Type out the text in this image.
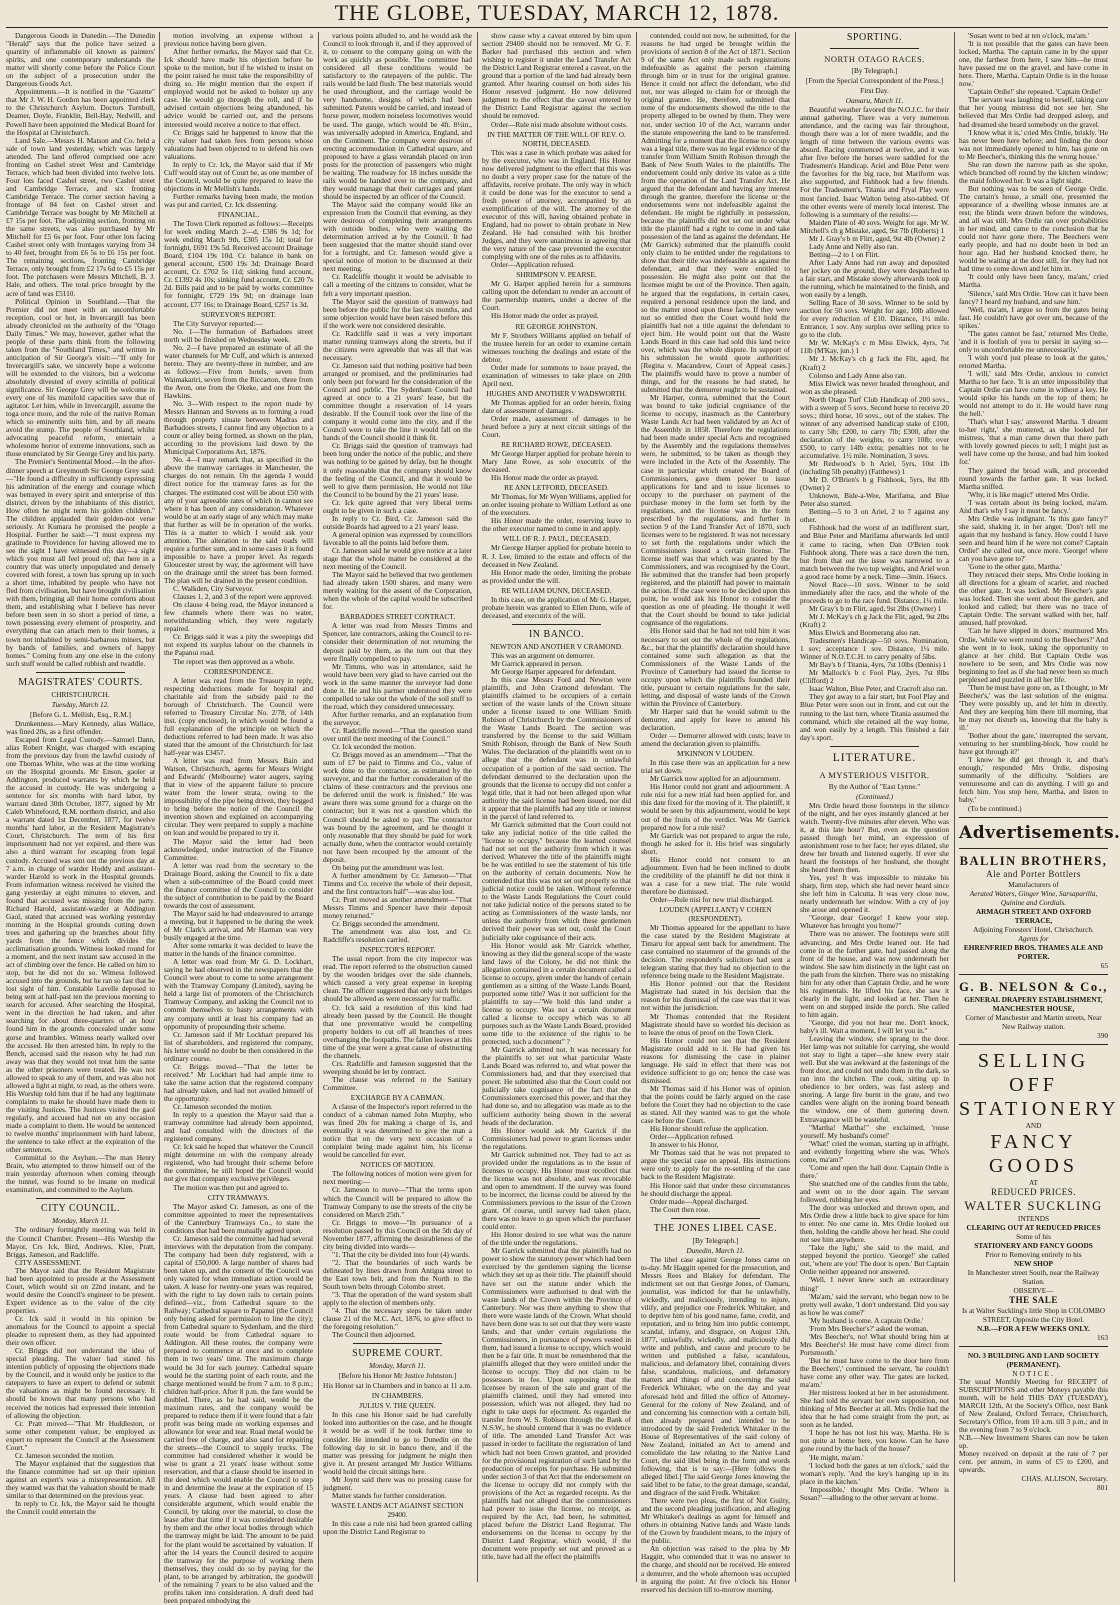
THE GLOBE, TUESDAY, MARCH 12, 1878.

Dangerous Goods in Dunedin.—The Dunedin "Herald" says that the police have seized a quantity of inflammable oil known as painters' spirits, and one contemporary understands the matter will shortly come before the Police Court on the subject of a prosecution under the Dangerous Goods Act.

Appointments.—It is notified in the "Gazette" that Mr J. W. H. Gordon has been appointed clerk to the Christchurch Asylum. Doctors Turnbull, Deamer, Doyle, Franklin, Bell-Hay, Nedwill, and Powell have been appointed the Medical Board for the Hospital at Christchurch.

Land Sale.—Messrs H. Matson and Co. held a sale of town land yesterday, which was largely attended. The land offered comprised one acre fronting on Cashel street West and Cambridge Terrace, which had been divided into twelve lots. Four lots faced Cashel street, two Cashel street and Cambridge Terrace, and six fronting Cambridge Terrace. The corner section having a frontage of 84 feet on Cashel street and Cambridge Terrace was bought by Mr Mitchell at £7 15s per foot. The adjoining section, fronting on the same streets, was also purchased by Mr Mitchell for £5 6s per foot. Four other lots facing Cashel street only with frontages varying from 34 to 40 feet, brought from £6 5s to £6 15s per foot. The remaining sections, fronting Cambridge Terrace, only brought from £2 17s 6d to £5 15s per foot. The purchasers were Messrs Mitchell, B. J. Hale, and others. The total price brought by the acre of land was £5110.

Political Opinion in Southland.—That the Premier did not meet with an uncomfortable reception, cool or hot, in Invercargill has been already chronicled on the authority of the "Otago Daily Times." We may, however, gather what the people of these parts think from the following taken from the "Southland Times," and written in anticipation of Sir George's visit:—"If only for Invercargill's sake, we sincerely hope a welcome will be extended to the visitors, but a welcome absolutely divested of every scintilla of political significance. Sir George Grey will be welcome in every one of his manifold capacities save that of agitator. Let him, while in Invercargill, assume the toga once more, and the role of the native Roman which so eminently suits him, and by all means avoid the stump. The people of Southland, whilst advocating peaceful reform, entertain a wholesome horror of extreme innovations, such as those enunciated by Sir George Grey and his party.

The Premier's Sentimental Mood.—In the after-dinner speech at Greymouth Sir George Grey said:—"He found a difficulty in sufficiently expressing his admiration of the energy and courage which was betrayed in every spirit and enterprise of this district, driven by the inhabitants of this district. How often he might term his golden children." The children applauded their golden-not verse seriously. At Kumara he promised the people a Hospital. Further he said:—"I must express my gratitude to Providence for having allowed me to see the sight I have witnessed this day—a sight which you must all feel proud of; that here in a country that was utterly unpopulated and densely covered with forest, a town has sprung up in such a short time, inhabited by people who have not fled from civilisation, but have brought civilisation with them, bringing all their home comforts about them, and establishing what I believe has never before been seen in so short a period of time, a town possessing every element of prosperity, and everything that can attach men to their homes, a town not inhabited by semi-barbarous miners, but by bands of families, and owners of happy homes." Coming from any one else in the colony such stuff would be called rubbish and twaddle.

MAGISTRATES' COURTS.
CHRISTCHURCH.
Tuesday, March 12.
[Before G. L. Mellish, Esq., R.M.]

Drunkenness.—Mary Kennedy, alias Wallace, was fined 20s, as a first offender.

Escaped from Legal Custody.—Samuel Dann, alias Robert Knight, was charged with escaping from the previous day from the lawful custody of one Thomas White, who was at the time working on the Hospital grounds. Mr Enson, gaoler at Addington, produced warrants by which he held the accused in custody. He was undergoing a sentence for six months with hard labor, by warrant dated 30th October, 1877, signed by Mr Caleb Whitefoord, R.M. northern district, and also a warrant dated 1st December, 1877, for twelve months' hard labor, at the Resident Magistrate's Court, Christchurch. The term of his first imprisonment had not yet expired, and there was also a third warrant for escaping from legal custody. Accused was sent out the previous day at 7 a.m. in charge of warder Hoddy and assistant-warder Harold to work in the Hospital grounds. From information witness received he visited the gang yesterday at eight minutes to eleven, and found that accused was missing from the party. Richard Harold, assistant-warder at Addington Gaol, stated that accused was working yesterday morning in the Hospital grounds cutting down trees and gathering up the branches about fifty yards from the fence which divides the acclimatisation grounds. Witness looked round for a moment, and the next instant saw accused in the act of climbing over the fence. He called on him to stop, but he did not do so. Witness followed accused into the grounds, but he ran so fast that he lost sight of him. Constable Lavelle deposed to being sent at half-past ten the previous morning to search for accused. After searching the Hospital, went in the direction he had taken, and after searching for about three-quarters of an hour found him in the grounds concealed under some gorse and brambles. Witness nearly walked over the accused. He then arrested him. In reply to the Bench, accused said the reason why he had run away was that they would not treat him the same as the other prisoners were treated. He was not allowed to speak to any of them, and was also not allowed a light at night, to read, as the others were. His Worship told him that if he had any legitimate complaints to make he should have made them to the visiting Justices. The Justices visited the gaol regularly, and accused had not on any occasion made a complaint to them. He would be sentenced to twelve months' imprisonment with hard labour, the sentence to take effect at the expiration of the other sentences.

Committal to the Asylum.—The man Henry Brain, who attempted to throw himself out of the train yesterday afternoon when coming through the tunnel, was found to be insane on medical examination, and committed to the Asylum.

CITY COUNCIL.
Monday, March 11.

The ordinary fortnightly meeting was held in the Council Chamber. Present—His Worship the Mayor, Crs Ick, Bird, Andrews, Klee, Pratt, Briggs, Jameson, and Radcliffe.

CITY ASSESSMENT.

The Mayor said that the Resident Magistrate had been appointed to preside at the Assessment Court, which would sit on 22nd instant, and he would desire the Council's engineer to be present. Expert evidence as to the value of the city properties.

Cr. Ick said it would in his opinion be anomalous for the Council to appoint a special pleader to represent them, as they had appointed their own officer.

Cr. Briggs did not understand the idea of special pleading. The valuer had stated his intention publicly of opposing the objections made by the Council, and it would only be justice to the ratepayers to have an expert to defend or submit the valuations as might be found necessary. It should be known that many persons who had received the notices had expressed their intention of allowing the objection.

Cr. Pratt moved—"That Mr Huddleston, or some other competent valuer, be employed as expert to represent the Council at the Assessment Court."

Cr. Jameson seconded the motion.

The Mayor explained that the suggestion that the finance committee had set up their opinion against an expert's was a misrepresentation. All they wanted was that the valuation should be made similar to that determined on the previous year.

In reply to Cr. Ick, the Mayor said he thought the Council could entertain the

motion involving an expense without a previous notice having been given.

After further remarks, the Mayor said that Cr. Ick should have made his objection before he spoke to the motion, but if he wished to insist on the point raised he must take the responsibility of doing so. He might mention that the expert if employed would not be asked to bolster up any case. He would go through the roll, and if he advised certain objections being abandoned, his advice would be carried out, and the persons interested would receive a notice to that effect.

Cr. Briggs said he happened to know that the city valuer had taken fees from persons whose valuations had been objected to to defend his own valuations.

In reply to Cr. Ick, the Mayor said that if Mr Cuff would stay out of Court he, as one member of the Council, would be quite prepared to leave the objections in Mr Mellish's hands.

Further remarks having been made, the motion was put and carried, Cr. Ick dissenting.

FINANCIAL.

The Town Clerk reported as follows:—Receipts for week ending March 2—d, £386 9s 1d; for week ending March 9th, £305 15s 1d; total for fortnight, £691 19s 5d. Received account Drainage Board, £104 19s 10d. Cr. balance in bank on general account, £500 19s 3d; Drainage Board account, Cr. £702 5s 11d; sinking fund account, Cr. £1392 4s 10s; sinking fund account, Cr. £20 7s 2d. Bills paid and to be paid by works committee for fortnight, £729 19s 9d; on drainage loan account, £77 16s; to Drainage Board, £257 1s 3d.

SURVEYOR'S REPORT.

The City Surveyor reported:—

No. 1—The formation of Barbadoes street north will be finished on Wednesday week.

No. 2—I have prepared an estimate of all the water channels for Mr Cuff, and which is annexed hereto. They are twenty-three in number, and are as follows:—Five from hotels, seven from Waimakariri, seven from the Riccarton, three from the Avon, one from the Okeke, and one from the Hawkins.

No. 3—With respect to the report made by Messrs Hannan and Stevens as to forming a road through property situate between Madras and Barbadoes streets, I cannot find any objection to a count or alley being formed, as shown on the plan, according to the provisions laid down by the Municipal Corporations Act, 1876.

No. 4—I may remark that, as specified in the above the tramway carriages in Manchester, the charges do not remain. On the agenda I would direct notice for the tramway fares as for the charges. The estimated cost will be about £50 with any of your agreeable rates of which in cannot see where it has been of any consideration. Whatever would be at an early stage of any which may make that further as will be in operation of the works. This is a matter to which I would ask your attention. The alteration to the said roads will require a further sum, and in some cases it is found impossible to have a proper level. As regards Gloucester street by way, the agreement will have on the drainage until the street has been formed. The plan will be drained in the present condition.

C. Walkden, City Surveyor.

Clauses 1, 2, and 3 of the report were approved.

On clause 4 being read, the Mayor instanced a few channels where there was no water, notwithstanding which, they were regularly repaired.

Cr. Briggs said it was a pity the sweepings did not expend its surplus labour on the channels in the Papanui road.

The report was then approved as a whole.

CORRESPONDENCE.

A letter was read from the Treasury in reply, respecting deductions made for hospital and charitable aid from the subsidy paid to the borough of Christchurch. The Council were referred to Treasury Circular No. 2/78, of 14th inst. (copy enclosed), in which would be found a full explanation of the principle on which the deductions referred to had been made. It was also stated that the amount of the Christchurch for last half-year was £3457.

A letter was read from Messrs Bain and Watson, Christchurch, agents for Messrs Wright and Edwards' (Melbourne) water augers, saying that in view of the apparent failure to procure water from the lower strata, owing to the impossibility of the pipe being driven, they begged to bring before the notice of the Council the invention shown and explained on accompanying circular. They were prepared to supply a machine on loan and would be prepared to try it.

The Mayor said the letter had been acknowledged, under instruction of the Finance Committee.

A letter was read from the secretary to the Drainage Board, asking the Council to fix a date when a sub-committee of the Board could meet the finance committee of the Council to consider the subject of contribution to be paid by the Board towards the cost of assessment.

The Mayor said he had endeavoured to arrange a meeting, but it happened to be during the week of Mr Clark's arrival, and Mr Harman was very busily engaged at the time.

After some remarks it was decided to leave the matter in the hands of the finance committee.

A letter was read from Mr G. D. Lockhart, saying he had observed in the newspapers that the Council were about to come to some arrangement with the Tramway Company (Limited), saying he held a large list of promoters of the Christchurch Tramway Company, and asking the Council not to commit themselves to hasty arrangements with any company until at least his company had an opportunity of propounding their scheme.

Cr. Jameson said if Mr Lockhart prepared his list of shareholders, and registered the company, his letter would no doubt be then considered in the ordinary course.

Cr. Briggs moved—"That the letter be received." Mr Lockhart had had ample time to take the same action that the registered company had already taken, and had not availed himself of the opportunity.

Cr. Jameson seconded the motion.

In reply to a question the Mayor said that a tramway committee had already been appointed, and had consulted with the directors of the registered company.

Cr. Ick said he hoped that whatever the Council might determine on with the company already registered, who had brought their scheme before the committee, he still hoped the Council would not give that company exclusive privileges.

The motion was then put and agreed to.

CITY TRAMWAYS.

The Mayor asked Cr. Jameson, as one of the committee appointed to meet the representatives of the Canterbury Tramways Co., to state the conditions that had been mutually agreed upon.

Cr. Jameson said the committee had had several interviews with the deputation from the company. The company had been duly registered, with a capital of £50,000. A large number of shares had been taken up, and the consent of the Council was only waited for when immediate action would be taken. A lease for twenty-one years was required, with the right to lay down rails to certain points defined—viz., from Cathedral square to the Railway; Cathedral square to Papanui (the Council only being asked for permission to line the city); from Cathedral square to Sydenham, and the third route would be from Cathedral square to Addington. All these routes, the company were prepared to commence at once and to complete them in two years' time. The maximum charge would be 3d for each journey. Cathedral square would be the starting point of each route, and the charge mentioned would be from 7 a.m. to 8 p.m.; children half-price. After 8 p.m. the fare would be doubled. There, as he had said, would be the maximum rates, and the company would be prepared to reduce them if it were found that a fair profit was being made on working expenses and allowance for wear and tear. Road metal would be carried free of charge, and also sand for repairing the streets—the Council to supply trucks. The committee had considered whether it would be wise to grant a 21 years' lease without some reservation, and that a clause should be inserted in the deed which would enable the Council to step in and determine the lease at the expiration of 15 years. A clause had been agreed to after considerable argument, which would enable the Council, by taking over the material, to close the lease after that time if it was considered desirable by them and the other local bodies through which the tramway might be laid. The amount to be paid for the plant would be ascertained by valuation. If after the 14 years the Council desired to acquire the tramway for the purpose of working them themselves, they could do so by paying for the plant, to be arranged by arbitration, the goodwill of the remaining 7 years to be also valued and the profits taken into consideration. A draft deed had been prepared embodying the

various points alluded to, and he would ask the Council to look through it, and if they approved of it, to consent to the company going on with the work as quickly as possible. The committee had considered all these conditions would be satisfactory to the ratepayers of the public. The rails would be laid flush. The best materials would be used throughout, and the carriage would be very handsome, designs of which had been submitted. Patents would be carried, and instead of horse power, modern noiseless locomotives would be used. The gauge, which would be 4ft. 8½in., was universally adopted in America, England, and on the Continent. The company were desirous of erecting accommodation in Cathedral square, and proposed to have a glass verandah placed on iron posts for the protection of passengers who might be waiting. The roadway for 18 inches outside the rails would be handed over to the company, and they would manage that their carriages and plant should be inspected by an officer of the Council.

The Mayor said the company would like an expression from the Council that evening, as they were desirous of completing their arrangements with outside bodies, who were waiting the determination arrived at by the Council. It had been suggested that the matter should stand over for a fortnight, and Cr. Jameson would give a special notice of motion to be discussed at their next meeting.

Cr. Radcliffe thought it would be advisable to call a meeting of the citizens to consider, what he felt a very important question.

The Mayor said the question of tramways had been before the public for the last six months, and some objection would have been raised before this if the work were not considered desirable.

Cr. Radcliffe said it was a very important matter running tramways along the streets, but if the citizens were agreeable that was all that was necessary.

Cr. Jameson said that nothing positive had been arranged or promised, and the preliminaries had only been put forward for the consideration of the Council and public. The Sydenham Council had agreed at once to a 21 years' lease, but the committee thought a reservation of 14 years desirable. If the Council took over the line of the company it would come into the city, and if the Council were to take the line it would fall on the hands of the Council should it think fit.

Cr. Briggs said the question of tramways had been long under the notice of the public, and there was nothing to be gained by delay, but he thought it only reasonable that the company should know the feeling of the Council, and that it would be well to give them permission. He would not like the Council to be bound by the 21 years' lease.

Cr. Ick quite agreed that very liberal terms ought to be given in such a case.

In reply to Cr. Bird, Cr. Jameson said the outside Boards had agreed to a 21 years' lease.

A general opinion was expressed by councillors favorable to all the points laid before them.

Cr. Jameson said he would give notice at a later stage that the whole matter be considered at the next meeting of the Council.

The Mayor said he believed that two gentlemen had already taken 1500 shares, and many were merely waiting for the assent of the Corporation, when the whole of the capital would be subscribed for.

BARBADOES STREET CONTRACT.

A letter was read from Messrs Timms and Spencer, late contractors, asking the Council to re-consider their determination of not returning the deposit paid by them, as the turn out that they were finally compelled to pay.

Mr Timms, who was in attendance, said he would have been very glad to have carried out the work in the same manner the surveyor had done done it. He and his partner understood they were compelled to take out the whole of the soil stuff to the road, which they considered unnecessary.

After further remarks, and an explanation from the surveyor,

Cr. Radcliffe moved—"That the question stand over until the next meeting of the Council."

Cr. Ick seconded the motion.

Cr. Briggs moved as an amendment—"That the sum of £7 be paid to Timms and Co., value of work done to the contractor, as estimated by the surveyor, and that the further consideration of the claims of these contractors and the previous one be deferred until the work is finished." He was aware there was some ground for a charge on the contractor; but it was not a question which the Council should be asked to pay. The contractor was bound by the agreement, and he thought it only reasonable that they should be paid for work actually done, when the contractor would certainly not have been recouped by the amount of the deposit.

On being put the amendment was lost.

A further amendment by Cr. Jameson—"That Timms and Co. receive the whole of their deposit, and the first contractors half"—was also lost.

Cr. Pratt moved as another amendment—"That Messrs Timms and Spencer have their deposit money returned."

Cr. Briggs seconded the amendment.

The amendment was also lost, and Cr. Radcliffe's resolution carried.

INSPECTOR'S REPORT.

The usual report from the city inspector was read. The report referred to the obstruction caused by the wooden bridges over the side channels, which caused a very great expense in keeping clean. The officer suggested that only such bridges should be allowed as were necessary for traffic.

Cr. Ick said a resolution of this kind had already been passed by the Council. He thought that one preventative would be compelling property holders to cut off all branches of trees overhanging the footpaths. The fallen leaves at this time of the year were a great cause of obstructing the channels.

Crs. Radcliffe and Jameson suggested that the sweeping should be let by contract.

The clause was referred to the Sanitary Committee.

EXCHARGE BY A CABMAN.

A clause of the Inspector's report referred to the conduct of a cabman named John Murphy, who was fined 20s for making a charge of 1s, and eventually it was determined to give the man a notice that on the very next occasion of a complaint being made against him, his license would be cancelled for ever.

NOTICES OF MOTION.

The following notices of motion were given for next meeting:—

Cr. Jameson to move—"That the terms upon which the Council will be prepared to allow the Tramway Company to use the streets of the city be considered on March 25th."

Cr. Briggs to move—"In pursuance of a resolution passed by this Council on the 5th day of November 1877, affirming the desirableness of the city being divided into wards—

"1. That the city be divided into four (4) wards.

"2. That the boundaries of such wards be delineated by lines drawn from Antigua street to the East town belt, and from the North to the South town belts through Colombo street.

"3. That the operation of the ward system shall apply to the election of members only.

"4. That the necessary steps be taken under clause 21 of the M.C. Act, 1876, to give effect to the foregoing resolution."

The Council then adjourned.

SUPREME COURT.
Monday, March 11.
[Before his Honor Mr Justice Johnston.]
His Honor sat in Chambers and in banco at 11 a.m.
IN CHAMBERS.
JULIUS V. THE QUEEN.

In this case his Honor said he had carefully looked into authorities on the case, and he thought it would be as well if he took further time to consider. He intended to go to Dunedin on the following day to sit in banco there, and if the matter was pressing for judgment he might then give it. At present arranged Mr Justice Williams would hold the circuit sittings here.

Mr Joynt said there was no pressing cause for judgment.

Matter stands for further consideration.

WASTE LANDS ACT AGAINST SECTION 29400.

In this case a rule nisi had been granted calling upon the District Land Registrar to

show cause why a caveat entered by him upon section 29400 should not be removed. Mr G. F. Barker had purchased this section and when wishing to register it under the Land Transfer Act the District Land Registrar entered a caveat, on the ground that a portion of the land had already been granted. After hearing counsel on both sides his Honor reserved judgment. He now delivered judgment to the effect that the caveat entered by the District Land Registrar against the section should be removed.

Order—Rule nisi made absolute without costs.

IN THE MATTER OF THE WILL OF REV. O. NORTH, DECEASED.

This was a case in which probate was asked for by the executor, who was in England. His Honor now delivered judgment to the effect that this was no doubt a very proper case for the nature of the affidavits, receive probate. The only way in which it could be done was for the executor to send a fresh power of attorney, accompanied by an exemplification of the will. The attorney of the executor of this will, having obtained probate in England, had no power to obtain probate in New Zealand. He had consulted with his brother Judges, and they were unanimous in agreeing that the very nature of the case prevented the executor complying with one of the rules as to affidavits.

Order—Application refused.

SHRIMPSON V. PEARSE.

Mr G. Harper applied herein for a summons calling upon the defendant to render an account of the partnership matters, under a decree of the Court.

His Honor made the order as prayed.

RE GEORGE JOHNSTON.

Mr F. Strothers Williams applied on behalf of the trustee herein for an order to examine certain witnesses touching the dealings and estate of the debtor.

Order made for summons to issue prayed, the examination of witnesses to take place on 20th April next.

HUGHES AND ANOTHER V WADSWORTH.

Mr Thomas applied for an order herein, fixing date of assessment of damages.

Order made, assessment of damages to be heard before a jury at next circuit sittings of the Court.

RE RICHARD ROWE, DECEASED.

Mr George Harper applied for probate herein to Mary Jane Rowe, as sole executrix of the deceased.

His Honor made the order as prayed.

RE ANN LETFORD, DECEASED.

Mr Thomas, for Mr Wynn Williams, applied for an order issuing probate to William Letford as one of the executors.

His Honor made the order, reserving leave to the other executor named to come in and apply.

WILL OF R. J. PAUL, DECEASED.

Mr George Harper applied for probate herein to R. J. Lee, limited to the estate and effects of the deceased in New Zealand.

His Honor made the order, limiting the probate as provided under the will.

RE WILLIAM DUNN, DECEASED.

In this case, on the application of Mr G. Harper, probate herein was granted to Ellen Dunn, wife of deceased, and executrix of the will.

IN BANCO.
NEWTON AND ANOTHER V CRAMOND.

This was an argument on demurrer.

Mr Garrick appeared in person.

Mr George Harper appeared for defendant.

In this case Messrs Ford and Newton were plaintiffs, and John Cramond defendant. The plaintiffs claimed to be occupiers of a certain section of the waste lands of the Crown situate under a license issued to one William Smith Robison of Christchurch by the Commissioners of the Waste Lands Board. The section was transferred by the license to the said William Smith Robison, through the Bank of New South Wales. The declaration of the plaintiffs went on to allege that the defendant was in unlawful occupation of a portion of the said section. The defendant demurred to the declaration upon the grounds that the license to occupy did not confer a legal title, that it had not been alleged upon what authority the said license had been issued, nor did it appear that the plaintiffs had any title or interest in the parcel of land referred to.

Mr Garrick submitted that the Court could not take any judicial notice of the title called the "license to occupy," because the learned counsel had not set out the authority from which it was derived. Whatever the title of the plaintiffs might be he was entitled to see the statement of his title on the authority of certain documents. Now he contended that this was not set out properly so that judicial notice could be taken. Without reference to the Waste Lands Regulations the Court could not take judicial notice of the persons stated to be acting as Commissioners of the waste lands, nor unless the authority from which these gentlemen derived their power was set out, could the Court judicially take cognisance of their acts.

His Honor would ask Mr Garrick whether, knowing as they did the general scope of the waste land laws of the Colony, he did not think the allegation contained in a certain document called a license to occupy, given under the hands of certain gentlemen as a sitting of the Waste Lands Board, purported some title? Was it not sufficient for the plaintiffs to say—"We hold this land under a license to occupy. Was not a certain document called a license to occupy which was to all purposes such as the Waste Lands Board, provided some title to the existence of the rights to be protected, such a document" ?

Mr Garrick admitted not. It was necessary for the plaintiffs to set out what particular Waste Lands Board was referred to, and what power the Commissioners had, and that they exercised that power. He submitted also that the Court could not judicially take cognisance of the fact that the Commissioners exercised this power, and that they had done so, and no allegation was made as to the sufficient authority being shown in the several heads of the declaration.

His Honor would ask Mr Garrick if the Commissioners had power to grant licenses under the regulations.

Mr Garrick submitted not. They had to act as provided under the regulations as to the issue of licenses to occupy. His Honor must recollect that the license was not absolute, and was revocable and open to amendment. If the survey was found to be incorrect, the license could be altered by the Commissioners previous to the issue of the Crown grant. Of course, until survey had taken place, there was no leave to go upon which the purchaser could enter.

His Honor desired to see what was the nature of the title under the regulations.

Mr Garrick submitted that the plaintiffs had no power to show the statutory power which had been exercised by the gentlemen signing the license which they set up as their title. The plaintiff should have set out the statute under which the Commissioners were authorised to deal with the waste lands of the Crown within the Province of Canterbury. Nor was there anything to show that there were waste lands of the Crown. What should have been done was to set out that they were waste lands, and that under certain regulations the Commissioners, in pursuance of powers vested in them, had issued a license to occupy, which would then be a fair title. It must be remembered that the plaintiffs alleged that they were entitled under the license to occupy. They did not claim to be possessors in fee. Upon supposing that the licensee by reason of the sale and grant of the plaintiffs claimed, until they had entered into possession, which was not alleged, they had no right to take steps for ejectment. As regarded the transfer from W. S. Robison through the Bank of N.S.W., he should contend that it was no evidence of title. The amended Land Transfer Act was passed in order to facilitate the registration of land which had not been Crown granted, and provided for the provisional registration of such land by the production of receipts for purchase. He submitted under section 3 of that Act that the endorsement on the license to occupy did not comply with the provisions of the Act as regarded receipts. As the plaintiffs had not alleged that the commissioners had power to issue the license, no receipt, as required by the Act, had been, he submitted, placed before the District Land Registrar. The endorsements on the license to occupy by the District Land Registrar, which would, if the document were properly set out and proved as a title, have had all the effect the plaintiffs

contended, could not now, he submitted, for the reasons he had urged be brought within the provisions of section 8 of the Act of 1871. Section 9 of the same Act only made such registrations indefeasible as against the person claiming through him or in trust for the original grantee. Hence it could not affect the defendant, who did not, nor was alleged to claim for or through the original grantee. He, therefore, submitted that none of the endorsements showed the title to the property alleged to be owned by them. They were not, under section 10 of the Act, warrants under the statute empowering the land to be transferred. Admitting for a moment that the license to occupy was a legal title, there was no legal evidence of the transfer from William Smith Robison through the Bank of New South Wales to the plaintiffs. The endorsement could only derive its value as a title from the operation of the Land Transfer Act. He argued that the defendant and having any interest through the grantee, therefore the license or the endorsements were not indefeasible against the defendant. He might be rightfully in possession, because the plaintiffs did not set out under what title the plaintiff had a right to come in and take possession of the land as against the defendant. He (Mr Garrick) submitted that the plaintiffs could only claim to be entitled under the regulations to show that their title was indefeasible as against the defendant, and that they were entitled to possession. He might also point out that the licensee might be out of the Province. Then again, he argued that the regulations, in certain cases, required a personal residence upon the land, and so the matter stood upon these facts. If they were not so entitled then the Court would hold the plaintiffs had not a title against the defendant to eject him. He would point out that the Waste Lands Board in this case had sold this land twice over, which was the whole dispute. In support of his submission he would quote authorities: [Regina v. Macandrew, Court of Appeal cases.] The plaintiffs would have to prove a number of things, and for the reasons he had stated, he submitted that the demurrer ought to be sustained.

Mr Harper, contra, submitted that the Court was bound to take judicial cognisance of the license to occupy, inasmuch as the Canterbury Waste Lands Act had been validated by an Act of the Assembly in 1858. Therefore the regulations had been made under special Acts and recognised by the Assembly and the regulations themselves were, he submitted, to be taken as though they were included in the Acts of the Assembly. The case in particular which created the Board of Commissioners, gave them power to issue applications for land and to issue licenses to occupy to the purchaser on payment of the purchase money in the form set forth by the regulations, and the license was in the form prescribed by the regulations, and further in section 9 of the Land Transfer Act of 1870, such licenses were to be registered. It was not necessary to set forth the regulations under which the Commissioners issued a certain license. The license itself was that which was granted by the Commissioners, and was recognised by the Court. He submitted that the transfer had been properly registered, and the plaintiff had power to maintain the action. If the case were to be decided upon this point, he would ask his Honor to consider the question as one of pleading. He thought it well that the Court should be bound to take judicial cognisance of the regulations.

His Honor said that he had not told him it was necessary to set out the whole of the regulations, &c., but that the plaintiffs' declaration should have contained some such allegation as that the Commissioners of the Waste Lands of the Province of Canterbury had issued the license to occupy upon which the plaintiffs founded their title, pursuant to certain regulations for the sale, letting, and disposal of waste lands of the Crown within the Province of Canterbury.

Mr Harper said that he would submit to the demurrer, and apply for leave to amend his declaration.

Order — Demurrer allowed with costs; leave to amend the declaration given to plaintiffs.

M'KINNON V LOUDEN.

In this case there was an application for a new trial set down.

Mr Garrick now applied for an adjournment.

His Honor could not grant and adjournment. A rule nisi for a new trial had been applied for, and this date fixed for the moving of it. The plaintiff, it would be seen by this adjournment, would be kept out of the fruits of the verdict. Was Mr Garrick prepared now for a rule nisi?

Mr Garrick was not prepared to argue the rule, though he asked for it. His brief was singularly short.

His Honor could not consent to an adjournment. Even had he been inclined to doubt the credibility of the plaintiff he did not think it was a case for a new trial. The rule would therefore be dismissed.

Order—Rule nisi for new trial discharged.

LOUDEN (APPELLANT) V COHEN (RESPONDENT).

Mr Thomas appeared for the appellant to have the case stated by the Resident Magistrate at Timaru for appeal sent back for amendment. The case contained no statement of the grounds of the decision. The respondent's solicitors had sent a telegram stating that they had no objection to the reference being made to the Resident Magistrate.

His Honor pointed out that the Resident Magistrate had stated in his decision that the reason for his dismissal of the case was that it was not within the jurisdiction.

Mr Thomas contended that the Resident Magistrate should have so worded his decision as to leave the onus of proof on the Town Clerk.

His Honor could not see that the Resident Magistrate could add to it. He had given his reasons for dismissing the case in plainer language. He said in effect that there was not evidence sufficient to go on; hence the case was dismissed.

Mr Thomas said if his Honor was of opinion that the points could be fairly argued on the case before the Court they had no objection to the case as stated. All they wanted was to get the whole case before the Court.

His Honor should refuse the application.

Order—Application refused.

In answer to his Honor,

Mr Thomas said that he was not prepared to argue the special case on appeal. His instructions were only to apply for the re-settling of the case back to the Resident Magistrate.

His Honor said that under these circumstances he should discharge the appeal.

Order made—Appeal discharged.

The Court then rose.

THE JONES LIBEL CASE.
[By Telegraph.]
Dunedin, March 11.

The libel case against George Jones came on to-day. Mr Haggitt opened for the prosecution, and Messrs Rees and Blakey for defendant. The indictment set out that George Jones, of Oamaru, journalist, was indicted for that he unlawfully, wickedly, and maliciously, intending to injure, vilify, and prejudice one Frederick Whitaker, and to deprive him of his good name, fame, credit, and reputation, and to bring him into public contempt, scandal, infamy, and disgrace, on August 13th, 1877, unlawfully, wickedly, and maliciously did write and publish, and cause and procure to be written and published a false, scandalous, malicious, and defamatory libel, containing divers false, scandalous, malicious, and defamatory matters and things of and concerning the said Frederick Whitaker, who on the day and year aforesaid held and filled the office of Attorney-General for the colony of New Zealand, and of and concerning his connection with a certain bill, then already prepared and intended to be introduced by the said Frederick Whitaker in the House of Representatives of the said colony of New Zealand, initialed an Act to amend and consolidate the law relating to the Native Land Court, the said libel being in the form and words following, that is to say:—[Here follows the alleged libel.] The said George Jones knowing the said libel to be false, to the great damage, scandal, and disgrace of the said Fredk. Whitaker.

There were two pleas, the first of Not Guilty, and the second pleading justification, and alleging Mr Whitaker's dealings as agent for himself and others in obtaining Native lands and Waste lands of the Crown by fraudulent means, to the injury of the public.

An objection was raised to the plea by Mr Haggitt, who contended that it was no answer to the charge, and should not be received. He entered a demurrer, and the whole afternoon was occupied in arguing the point. At five o'clock his Honor reserved his decision till to-morrow morning.

SPORTING.
NORTH OTAGO RACES.
[By Telegraph.]
[From the Special Correspondent of the Press.]
First Day.
Oamaru, March 11.

Beautiful weather favored the N.O.J.C. for their annual gathering. There was a very numerous attendance, and the racing was fair throughout, though there was a lot of mere twaddle, and the length of time between the various events was absurd. Racing commenced at twelve, and it was after five before the horses were saddled for the Tradesmen's Handicap. Ariel and Blue Peter were the favorites for the big race, but Mariform was also supported, and Fishhook had a few friends. For the Tradesmen's, Titania and Fryal Play were most fancied. Isaac Walton being also-tabbed. Of the other events were of merely local interest. The following is a summary of the results:—

Maiden Plate of 40 sovs. Weight for age. Mr W. Mitchell's ch g Mistake, aged, 9st 7lb (Roberts) 1

Mr J. Gray's b m Flirt, aged, 9st 4lb (Owner) 2

Lady Anne and Nelly also ran.

Betting—2 to 1 on Flirt.

After Lady Anne had run away and deposited her jockey on the ground, they were despatched to a fair start, and Mistake slowly afterwards took up the running, which he maintained to the finish, and won easily by a length.

Selling Race of 30 sovs. Winner to be sold by auction for 50 sovs. Weight for age, 10lb allowed for every reduction of £10. Distance, 1½ mile. Entrance, 1 sov. Any surplus over selling price to go to the club.

Mr W. McKay's c m Miss Elwick, 4yrs, 7st 11lb (M'Kay, jun.) 1

Mr J. McKay's ch g Jack the Flit, aged, 8st (Kraft) 2

Colonso and Lady Anne also ran.

Miss Elwick was never headed throughout, and won as she pleased.

North Otago Turf Club Handicap of 200 sovs., with a sweep of 5 sovs. Second horse to receive 20 sovs.; third horse, 10 sovs., out of the stakes. The winner of any advertised handicap stake of £100, to carry 5lb; £200, to carry 7lb; £300, after the declaration of the weights, to carry 10lb; over £500, to carry 14lb extra; penalties not to be accumulative. 1½ mile. Nomination, 3 sovs.

Mr Redwood's b h Ariel, 5yrs, 10st 1lb (including 5lb penalty) (Fatthews) 1

Mr D. O'Brien's b g Fishhook, 5yrs, 8st 8lb (Owner) 2

Unknown, Bide-a-Wee, Marifama, and Blue Peter also started.

Betting—5 to 3 on Ariel, 2 to 7 against any other.

Fishhook had the worst of an indifferent start, and Blue Peter and Marifama afterwards led until it came to racing, when Dan O'Brien took Fishhook along. There was a race down the turn, but from that out the issue was narrowed to a match between the two top weights, and Ariel won a good race home by a neck. Time—3min. 16secs.

Novel Race—10 sovs. Winner to be sold immediately after the race, and the whole of the proceeds to go to the race fund. Distance, 1¼ mile.

Mr Gray's b m Flirt, aged, 9st 2lbs (Owner) 1

Mr J. McKay's ch g Jack the Flit, aged, 9st 2lbs (Kraft) 2

Miss Elwick and Boomerang also ran.

Tradesmen's Handicap—50 sovs. Nomination, 1 sov; acceptance 1 sov. Distance, 1¼ mile. Winner of N.O.T.C.H. to carry penalty of 5lbs.

Mr Bay's b f Titania, 4yrs, 7st 10lbs (Dennis) 1

Mr Mallock's b c Fool Play, 2yrs, 7st 8lbs (Clifford) 2

Isaac Walton, Blue Peter, and Cracroft also ran.

They got away to a fair start, but Fool Play and Blue Peter were soon out in front, and cut out the running to the last turn, where Titania assumed the command, which she retained all the way home, and won easily by a length. This finished a fair day's sport.

LITERATURE.
A MYSTERIOUS VISITOR.
By the Author of "East Lynne."
(Continued.)

Mrs Ordie heard those footsteps in the silence of the night, and her eyes instantly glanced at her watch. Twenty-five minutes after eleven. Who was it, at this late hour? But, even as the question passed though her mind, an expression of astonishment rose to her face; her eyes dilated, she drew her breath and listened eagerly. If ever she heard the footsteps of her husband, she thought she heard them then.

Yes, yes! It was impossible to mistake his sharp, firm step, which she had never heard since she left him in Calcutta. It was very close now, nearly underneath her window. With a cry of joy she arose and opened it.

"George, dear George! I knew your step. Whatever has brought you home?"

There was no answer. The footsteps were still advancing, and Mrs Ordie leaned out. He had come in at the farther gate, had passed along the front of the house, and was now underneath her window. She saw him distinctly in the light cast on the path from the kitchen. There was no mistaking him for any other than Captain Ordie, and he wore his regimentals. He lifted his face, she saw it clearly in the light, and looked at her. Then he went on and stepped inside the porch. She called to him again.

"George, did you not hear me. Don't knock, baby's ill. Wait a moment, I will let you in."

Leaving the window, she sprang to the door. Her lamp was not suitable for carrying, she would not stay to light a taper—she knew every stair well. But she was awkward at the fastenings of the front door, and could not undo them in the dark, so ran into the kitchen. The cook, sitting up in obedience to her orders, was fast asleep and snoring. A large fire burnt in the grate, and two candles were alight on the ironing board beneath the window, one of them guttering down. Extravagance will be wasteful.

"Martha! Martha!" she exclaimed, 'rouse yourself. My husband's come!'

'What!' cried the woman, starting up in affright, and evidently forgetting where she was. 'Who's come, ma'am?'

'Come and open the hall door. Captain Ordie is there.'

She snatched one of the candles from the table, and went on to the door again. The servant followed, rubbing her eyes.

The door was unlocked and thrown open, and Mrs Ordie drew a little back to give space for him to enter. No one came in. Mrs Ordie looked out then, holding the candle above her head. She could not see him anywhere.

'Take the light,' she said to the maid, and stepped beyond the portico. 'George!' she called out, 'where are you! The door is open.' But Captain Ordie neither appeared nor answered.

'Well, I never knew such an extraordinary thing!'

'Ma'am,' said the servant, who began now to be pretty well awake, 'I don't understand. Did you say as how he was come?'

'My husband is come. A captain Ordie.'

'From Mrs Beecher's?' asked the woman.

'Mrs Beecher's, no! What should bring him at Mrs Beecher's! He must have come direct from Portsmouth.'

'But he must have come to the door here from the Beechers',' continued the servant, 'he couldn't have come any other way. The gates are locked, ma'am.'

Her mistress looked at her in her astonishment. She had told the servant her own supposition, not thinking of Mrs Beecher at all. Mrs Ordie had the idea that he had come straight from the port, as soon as he landed.

'I hope he has not lost his way, Martha. He is not quite at home here, you know. Can he have gone round by the back of the house?'

'He might, ma'am.'

'I locked both the gates at ten o'clock,' said the woman's reply. 'And the key's hanging up in its place in the kitchen.'

'Impossible,' thought Mrs Ordie. 'Where is Susan?'—alluding to the other servant at home.

'Susan went to bed at ten o'clock, ma'am.'

'It is not possible that the gates can have been locked, Martha. The captain came in by the upper one, the farthest from here, I saw him—he must have passed me on the gravel, and have come in here. There, Martha. Captain Ordie is in the house now.'

'Captain Ordie!' she repeated. 'Captain Ordie!'

The servant was laughing to herself, taking care that her young mistress did not see her. She believed that Mrs Ordie had dropped asleep, and had dreamed she heard somebody on the gravel.

'I know what it is,' cried Mrs Ordie, briskly. 'He has never been here before; and finding the door was not immediately opened to him, has gone on to Mr Beecher's, thinking this the wrong house.'

She ran down the narrow path as she spoke, which branched off round by the kitchen window; the maid followed her. It was a light night.

But nothing was to be seen of George Ordie. The curtain's house, a small one, presented the appearance of a dwelling whose inmates are at rest; the blinds were drawn before the windows, and all was still. Mrs Ordie ran over probabilities in her mind, and came to the conclusion that he could not have gone there. The Beechers were early people, and had no doubt been in bed an hour ago. Had her husband knocked there, he would be waiting at the door still, for they had not had time to come down and let him in.

'It could only have been fancy, ma'am,' cried Martha.

'Silence,' said Mrs Ordie. 'How can it have been fancy? I heard my husband, and saw him.'

'Well, ma'am, I argue so from the gates being fast. He couldn't have got over um, because of the spikes.'

'The gates cannot be fast,' returned Mrs Ordie, 'and it is foolish of you to persist in saying so—only to uncomfortable me unnecessarily.'

'I wish you'd just please to look at the gates,' retorted Martha.

'I will,' said Mrs Ordie, anxious to convict Martha to her face. 'It is an utter impossibility that Captain Ordie can have come in without a key. He would spike his hands on the top of them; he would not attempt to do it. He would have rung the bell.'

'That's what I say,' answered Martha. 'I dreamt to-her right,' she muttered, as she looked her mistress, 'that a man came down that there path with lovely gowned pieces to sell; I might just as well have come up the house, and bad him looked for.'

They gained the broad walk, and proceeded round towards the farther gate. It was locked. Martha sniffed.

'Why, it is like magic!' uttered Mrs Ordie.

'I was certain about its being locked, ma'am. And that's why I say it must be fancy.'

Mrs Ordie was indignant. 'Is this gate fancy?' she said, shaking it, in her anger. 'Don't tell me again that my husband is fancy. How could I have seen and heard him if he were not come? Captain Ordie!' she called out, once more. 'George! where can you have gone to?'

'Gone to the other gate, Martha.'

They retraced their steps, Mrs Ordie looking in all directions for a gleam of scarlet, and reached the other gate. It was locked. Mr Beecher's gate was locked. Then she went about the garden, and looked and called; but there was no trace of Captain Ordie. The servant walked with her, half amused, half provoked.

'Can he have slipped in doors,' murmured Mrs Ordie, 'while we went round to the Beechers?' And she went in to look, taking the opportunity to glance at her child. But Captain Ordie was nowhere to be seen, and Mrs Ordie was now beginning to feel as if she had never been so much perplexed and puzzled in all her life.

'Then he must have gone on, as I thought, to Mr Beecher's,' was the last solution of the enigma. 'They were possibly up, and let him in directly. And they are keeping him there till morning, that he may not disturb us, knowing that the baby is ill.'

'Bother about the gate,' interrupted the servant, venturing to her stumbling-block, 'how could he have got through it?'

'I know he did get through it, and that's enough,' responded Mrs Ordie, disposing summarily of the difficulty. 'Soldiers are venturesome and can do anything. I will go and fetch him. You stop here, Martha, and listen to baby.'

(To be continued.)

Advertisements.
BALLIN BROTHERS,
Ale and Porter Bottlers
Manufacturers of
Aerated Waters, Ginger Wine, Sarsaparilla, Quinine and Cordials.
ARMAGH STREET AND OXFORD TERRACE,
Adjoining Foresters' Hotel, Christchurch.
Agents for
EHRENFRIED BROS. THAMES ALE AND PORTER.
65
G. B. NELSON & Co.,
GENERAL DRAPERY ESTABLISHMENT,
MANCHESTER HOUSE,
Corner of Manchester and Martin streets, Near New Railway station.
390
SELLING OFF
STATIONERY
AND
FANCY GOODS
AT
REDUCED PRICES.
WALTER SUCKLING
INTENDS
CLEARING OUT AT REDUCED PRICES
Some of his
STATIONERY AND FANCY GOODS
Prior to Removing entirely to his
NEW SHOP
In Manchester street South, near the Railway Station.
OBSERVE—
THE SALE
Is at Walter Suckling's little Shop in COLOMBO STREET, Opposite the City Hotel.
N.B.—FOR A FEW WEEKS ONLY.
163
NO. 3 BUILDING AND LAND SOCIETY (PERMANENT).
NOTICE.

The usual Monthly Meeting for RECEIPT of SUBSCRIPTIONS and other Moneys payable this month, will be held THIS DAY (TUESDAY), MARCH 12th, At the Society's Office, next Bank of New Zealand, Oxford Terrace, Christchurch, Secretary's Office, from 10 a.m. till 3 p.m.; and in the evening from 7 to 9 o'clock.

N.B.—New Investment Shares can now be taken up.

Money received on deposit at the rate of 7 per cent. per annum, in sums of £5 to £200, and upwards.

CHAS. ALLISON, Secretary.
801
